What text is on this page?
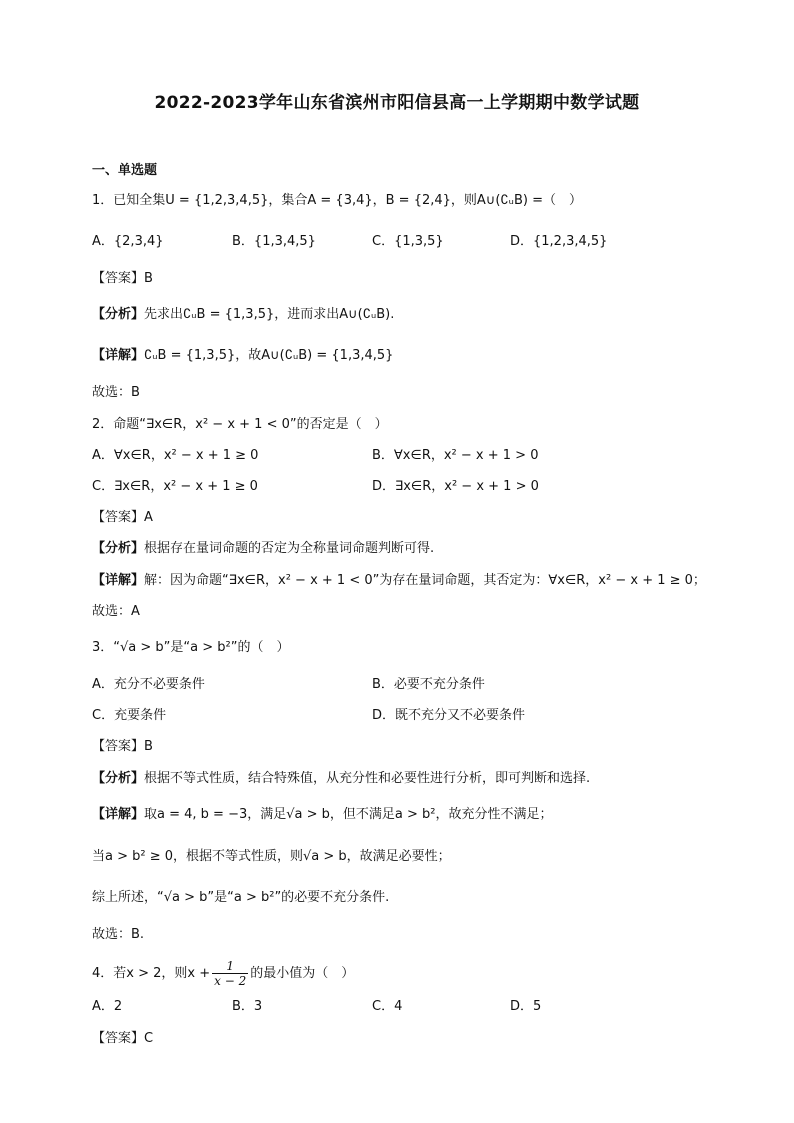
2022-2023学年山东省滨州市阳信县高一上学期期中数学试题
一、单选题
1．已知全集U = {1,2,3,4,5}，集合A = {3,4}，B = {2,4}，则A∪(∁ᵤB) =（　）
A．{2,3,4}	B．{1,3,4,5}	C．{1,3,5}	D．{1,2,3,4,5}
【答案】B
【分析】先求出∁ᵤB = {1,3,5}，进而求出A∪(∁ᵤB).
【详解】∁ᵤB = {1,3,5}，故A∪(∁ᵤB) = {1,3,4,5}
故选：B
2．命题“∃x∈R，x² − x + 1 < 0”的否定是（　）
A．∀x∈R，x² − x + 1 ≥ 0	B．∀x∈R，x² − x + 1 > 0
C．∃x∈R，x² − x + 1 ≥ 0	D．∃x∈R，x² − x + 1 > 0
【答案】A
【分析】根据存在量词命题的否定为全称量词命题判断可得.
【详解】解：因为命题“∃x∈R，x² − x + 1 < 0”为存在量词命题，其否定为：∀x∈R，x² − x + 1 ≥ 0；
故选：A
3．“√a > b”是“a > b²”的（　）
A．充分不必要条件	B．必要不充分条件
C．充要条件	D．既不充分又不必要条件
【答案】B
【分析】根据不等式性质，结合特殊值，从充分性和必要性进行分析，即可判断和选择.
【详解】取a = 4, b = −3，满足√a > b，但不满足a > b²，故充分性不满足；
当a > b² ≥ 0，根据不等式性质，则√a > b，故满足必要性；
综上所述，“√a > b”是“a > b²”的必要不充分条件.
故选：B.
4．若x > 2，则$x + \frac{1}{x - 2}$ 的最小值为（　）
A．2	B．3	C．4	D．5
【答案】C
